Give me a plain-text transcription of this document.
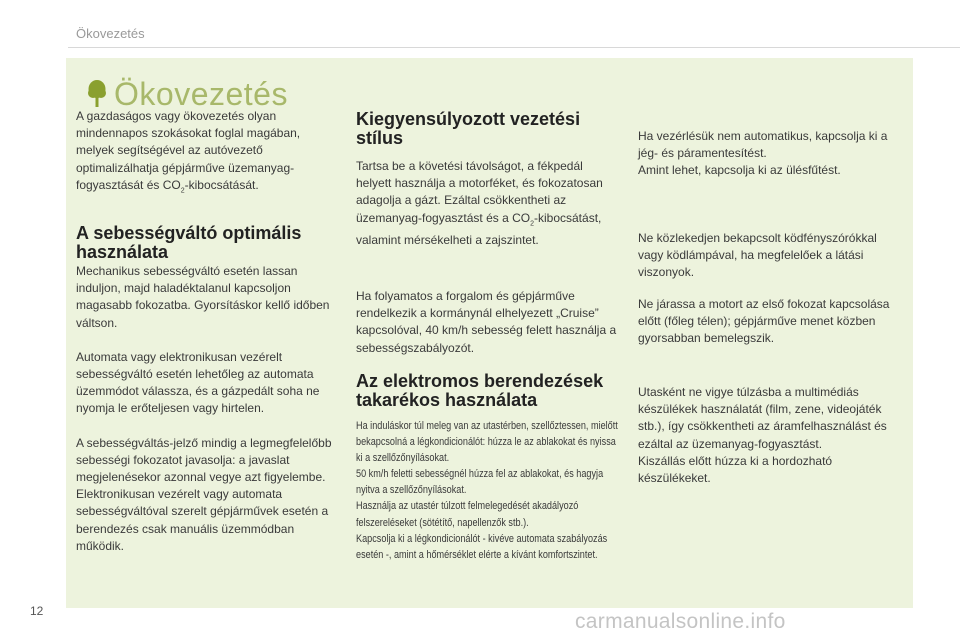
Ökovezetés
Ökovezetés

A gazdaságos vagy ökovezetés olyan mindennapos szokásokat foglal magában, melyek segítségével az autóvezető optimalizálhatja gépjárműve üzemanyag-fogyasztását és $CO_2$-kibocsátását.

A sebességváltó optimális használata

Mechanikus sebességváltó esetén lassan induljon, majd haladéktalanul kapcsoljon magasabb fokozatba. Gyorsításkor kellő időben váltson.

Automata vagy elektronikusan vezérelt sebességváltó esetén lehetőleg az automata üzemmódot válassza, és a gázpedált soha ne nyomja le erőteljesen vagy hirtelen.

A sebességváltás-jelző mindig a legmegfelelőbb sebességi fokozatot javasolja: a javaslat megjelenésekor azonnal vegye azt figyelembe.

Elektronikusan vezérelt vagy automata sebességváltóval szerelt gépjárművek esetén a berendezés csak manuális üzemmódban működik.

Kiegyensúlyozott vezetési stílus

Tartsa be a követési távolságot, a fékpedál helyett használja a motorféket, és fokozatosan adagolja a gázt. Ezáltal csökkentheti az üzemanyag-fogyasztást és a $CO_2$-kibocsátást, valamint mérsékelheti a zajszintet.

Ha folyamatos a forgalom és gépjárműve rendelkezik a kormánynál elhelyezett „Cruise” kapcsolóval, 40 km/h sebesség felett használja a sebességszabályozót.

Az elektromos berendezések takarékos használata

Ha induláskor túl meleg van az utastérben, szellőztessen, mielőtt bekapcsolná a légkondicionálót: húzza le az ablakokat és nyissa ki a szellőzőnyílásokat.

50 km/h feletti sebességnél húzza fel az ablakokat, és hagyja nyitva a szellőzőnyílásokat.

Használja az utastér túlzott felmelegedését akadályozó felszereléseket (sötétítő, napellenzők stb.).

Kapcsolja ki a légkondicionálót - kivéve automata szabályozás esetén -, amint a hőmérséklet elérte a kívánt komfortszintet.

Ha vezérlésük nem automatikus, kapcsolja ki a jég- és páramentesítést.

Amint lehet, kapcsolja ki az ülésfűtést.

Ne közlekedjen bekapcsolt ködfényszórókkal vagy ködlámpával, ha megfelelőek a látási viszonyok.

Ne járassa a motort az első fokozat kapcsolása előtt (főleg télen); gépjárműve menet közben gyorsabban bemelegszik.

Utasként ne vigye túlzásba a multimédiás készülékek használatát (film, zene, videojáték stb.), így csökkentheti az áramfelhasználást és ezáltal az üzemanyag-fogyasztást.

Kiszállás előtt húzza ki a hordozható készülékeket.

12	carmanualsonline.info
